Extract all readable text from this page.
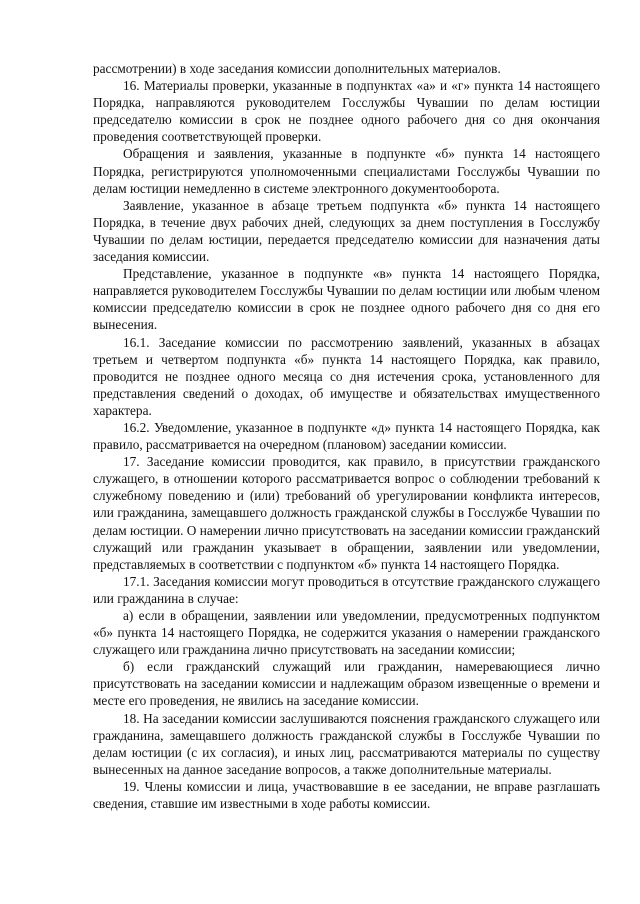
рассмотрении) в ходе заседания комиссии дополнительных материалов.

16. Материалы проверки, указанные в подпунктах «а» и «г» пункта 14 настоящего Порядка, направляются руководителем Госслужбы Чувашии по делам юстиции председателю комиссии в срок не позднее одного рабочего дня со дня окончания проведения соответствующей проверки.

Обращения и заявления, указанные в подпункте «б» пункта 14 настоящего Порядка, регистрируются уполномоченными специалистами Госслужбы Чувашии по делам юстиции немедленно в системе электронного документооборота.

Заявление, указанное в абзаце третьем подпункта «б» пункта 14 настоящего Порядка, в течение двух рабочих дней, следующих за днем поступления в Госслужбу Чувашии по делам юстиции, передается председателю комиссии для назначения даты заседания комиссии.

Представление, указанное в подпункте «в» пункта 14 настоящего Порядка, направляется руководителем Госслужбы Чувашии по делам юстиции или любым членом комиссии председателю комиссии в срок не позднее одного рабочего дня со дня его вынесения.

16.1. Заседание комиссии по рассмотрению заявлений, указанных в абзацах третьем и четвертом подпункта «б» пункта 14 настоящего Порядка, как правило, проводится не позднее одного месяца со дня истечения срока, установленного для представления сведений о доходах, об имуществе и обязательствах имущественного характера.

16.2. Уведомление, указанное в подпункте «д» пункта 14 настоящего Порядка, как правило, рассматривается на очередном (плановом) заседании комиссии.

17. Заседание комиссии проводится, как правило, в присутствии гражданского служащего, в отношении которого рассматривается вопрос о соблюдении требований к служебному поведению и (или) требований об урегулировании конфликта интересов, или гражданина, замещавшего должность гражданской службы в Госслужбе Чувашии по делам юстиции. О намерении лично присутствовать на заседании комиссии гражданский служащий или гражданин указывает в обращении, заявлении или уведомлении, представляемых в соответствии с подпунктом «б» пункта 14 настоящего Порядка.

17.1. Заседания комиссии могут проводиться в отсутствие гражданского служащего или гражданина в случае:

а) если в обращении, заявлении или уведомлении, предусмотренных подпунктом «б» пункта 14 настоящего Порядка, не содержится указания о намерении гражданского служащего или гражданина лично присутствовать на заседании комиссии;

б) если гражданский служащий или гражданин, намеревающиеся лично присутствовать на заседании комиссии и надлежащим образом извещенные о времени и месте его проведения, не явились на заседание комиссии.

18. На заседании комиссии заслушиваются пояснения гражданского служащего или гражданина, замещавшего должность гражданской службы в Госслужбе Чувашии по делам юстиции (с их согласия), и иных лиц, рассматриваются материалы по существу вынесенных на данное заседание вопросов, а также дополнительные материалы.

19. Члены комиссии и лица, участвовавшие в ее заседании, не вправе разглашать сведения, ставшие им известными в ходе работы комиссии.
